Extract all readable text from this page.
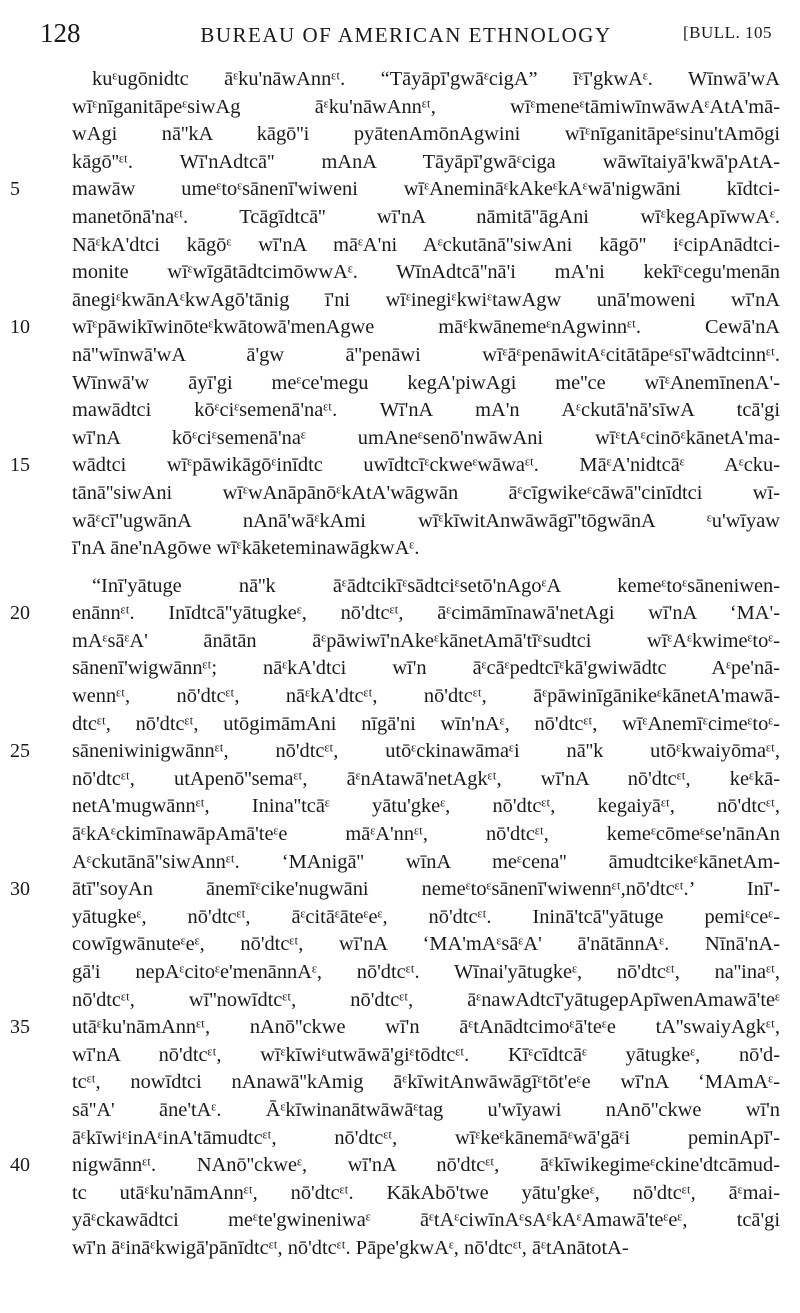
128	BUREAU OF AMERICAN ETHNOLOGY	[BULL. 105
kuᵋugōnidtc āᵋku'nāwAnnᵋᵗ. “Tāyāpī'gwāᵋcigA” īᵋī'gkwAᵋ. Wīnwā'wA
wīᵋnīganitāpeᵋsiwAg āᵋku'nāwAnnᵋᵗ, wīᵋmeneᵋtāmiwīnwāwAᵋAtA'mā-
wAgi nā''kA kāgō''i pyātenAmōnAgwini wīᵋnīganitāpeᵋsinu'tAmōgi
kāgō''ᵋᵗ. Wī'nAdtcā'' mAnA Tāyāpī'gwāᵋciga wāwītaiyā'kwā'pAtA-
5	mawāw umeᵋtoᵋsānenī'wiweni wīᵋAnemināᵋkAkeᵋkAᵋwā'nigwāni kīdtci-
manetōnā'naᵋᵗ. Tcāgīdtcā'' wī'nA nāmitā''āgAni wīᵋkegApīwwAᵋ.
NāᵋkA'dtci kāgōᵋ wī'nA māᵋA'ni Aᵋckutānā''siwAni kāgō'' iᵋcipAnādtci-
monite wīᵋwīgātādtcimōwwAᵋ. WīnAdtcā''nā'i mA'ni kekīᵋcegu'menān
ānegiᵋkwānAᵋkwAgō'tānig ī'ni wīᵋinegiᵋkwiᵋtawAgw unā'moweni wī'nA
10	wīᵋpāwikīwinōteᵋkwātowā'menAgwe māᵋkwānemeᵋnAgwinnᵋᵗ. Cewā'nA
nā''wīnwā'wA ā'gw ā''penāwi wīᵋāᵋpenāwitAᵋcitātāpeᵋsī'wādtcinnᵋᵗ.
Wīnwā'w āyī'gi meᵋce'megu kegA'piwAgi me''ce wīᵋAnemīnenA'-
mawādtci kōᵋciᵋsemenā'naᵋᵗ. Wī'nA mA'n Aᵋckutā'nā'sīwA tcā'gi
wī'nA kōᵋciᵋsemenā'naᵋ umAneᵋsenō'nwāwAni wīᵋtAᵋcinōᵋkānetA'ma-
15	wādtci wīᵋpāwikāgōᵋinīdtc uwīdtcīᵋckweᵋwāwaᵋᵗ. MāᵋA'nidtcāᵋ Aᵋcku-
tānā''siwAni wīᵋwAnāpānōᵋkAtA'wāgwān āᵋcīgwikeᵋcāwā''cinīdtci wī-
wāᵋcī''ugwānA nAnā'wāᵋkAmi wīᵋkīwitAnwāwāgī''tōgwānA ᵋu'wīyaw
ī'nA āne'nAgōwe wīᵋkāketeminawāgkwAᵋ.
“Inī'yātuge nā''k āᵋādtcikīᵋsādtciᵋsetō'nAgoᵋA kemeᵋtoᵋsāneniwen-
20	enānnᵋᵗ. Inīdtcā''yātugkeᵋ, nō'dtcᵋᵗ, āᵋcimāmīnawā'netAgi wī'nA ‘MA'-
mAᵋsāᵋA' ānātān āᵋpāwiwī'nAkeᵋkānetAmā'tīᵋsudtci wīᵋAᵋkwimeᵋtoᵋ-
sānenī'wigwānnᵋᵗ; nāᵋkA'dtci wī'n āᵋcāᵋpedtcīᵋkā'gwiwādtc Aᵋpe'nā-
wennᵋᵗ, nō'dtcᵋᵗ, nāᵋkA'dtcᵋᵗ, nō'dtcᵋᵗ, āᵋpāwinīgānikeᵋkānetA'mawā-
dtcᵋᵗ, nō'dtcᵋᵗ, utōgimāmAni nīgā'ni wīn'nAᵋ, nō'dtcᵋᵗ, wīᵋAnemīᵋcimeᵋtoᵋ-
25	sāneniwinigwānnᵋᵗ, nō'dtcᵋᵗ, utōᵋckinawāmaᵋi nā''k utōᵋkwaiyōmaᵋᵗ,
nō'dtcᵋᵗ, utApenō''semaᵋᵗ, āᵋnAtawā'netAgkᵋᵗ, wī'nA nō'dtcᵋᵗ, keᵋkā-
netA'mugwānnᵋᵗ, Inina''tcāᵋ yātu'gkeᵋ, nō'dtcᵋᵗ, kegaiyāᵋᵗ, nō'dtcᵋᵗ,
āᵋkAᵋckimīnawāpAmā'teᵋe māᵋA'nnᵋᵗ, nō'dtcᵋᵗ, kemeᵋcōmeᵋse'nānAn
Aᵋckutānā''siwAnnᵋᵗ. ‘MAnigā'' wīnA meᵋcena'' āmudtcikeᵋkānetAm-
30	ātī''soyAn ānemīᵋcike'nugwāni nemeᵋtoᵋsānenī'wiwennᵋᵗ,nō'dtcᵋᵗ.’ Inī'-
yātugkeᵋ, nō'dtcᵋᵗ, āᵋcitāᵋāteᵋeᵋ, nō'dtcᵋᵗ. Ininā'tcā''yātuge pemiᵋceᵋ-
cowīgwānuteᵋeᵋ, nō'dtcᵋᵗ, wī'nA ‘MA'mAᵋsāᵋA' ā'nātānnAᵋ. Nīnā'nA-
gā'i nepAᵋcitoᵋe'menānnAᵋ, nō'dtcᵋᵗ. Wīnai'yātugkeᵋ, nō'dtcᵋᵗ, na''inaᵋᵗ,
nō'dtcᵋᵗ, wī''nowīdtcᵋᵗ, nō'dtcᵋᵗ, āᵋnawAdtcī'yātugepApīwenAmawā'teᵋ
35	utāᵋku'nāmAnnᵋᵗ, nAnō''ckwe wī'n āᵋtAnādtcimoᵋā'teᵋe tA''swaiyAgkᵋᵗ,
wī'nA nō'dtcᵋᵗ, wīᵋkīwiᵋutwāwā'giᵋtōdtcᵋᵗ. Kīᵋcīdtcāᵋ yātugkeᵋ, nō'd-
tcᵋᵗ, nowīdtci nAnawā''kAmig āᵋkīwitAnwāwāgīᵋtōt'eᵋe wī'nA ‘MAmAᵋ-
sā''A' āne'tAᵋ. Āᵋkīwinanātwāwāᵋtag u'wīyawi nAnō''ckwe wī'n
āᵋkīwiᵋinAᵋinA'tāmudtcᵋᵗ, nō'dtcᵋᵗ, wīᵋkeᵋkānemāᵋwā'gāᵋi peminApī'-
40	nigwānnᵋᵗ. NAnō''ckweᵋ, wī'nA nō'dtcᵋᵗ, āᵋkīwikegimeᵋckine'dtcāmud-
tc utāᵋku'nāmAnnᵋᵗ, nō'dtcᵋᵗ. KākAbō'twe yātu'gkeᵋ, nō'dtcᵋᵗ, āᵋmai-
yāᵋckawādtci meᵋte'gwineniwaᵋ āᵋtAᵋciwīnAᵋsAᵋkAᵋAmawā'teᵋeᵋ, tcā'gi
wī'n āᵋināᵋkwigā'pānīdtcᵋᵗ, nō'dtcᵋᵗ. Pāpe'gkwAᵋ, nō'dtcᵋᵗ, āᵋtAnātotA-
